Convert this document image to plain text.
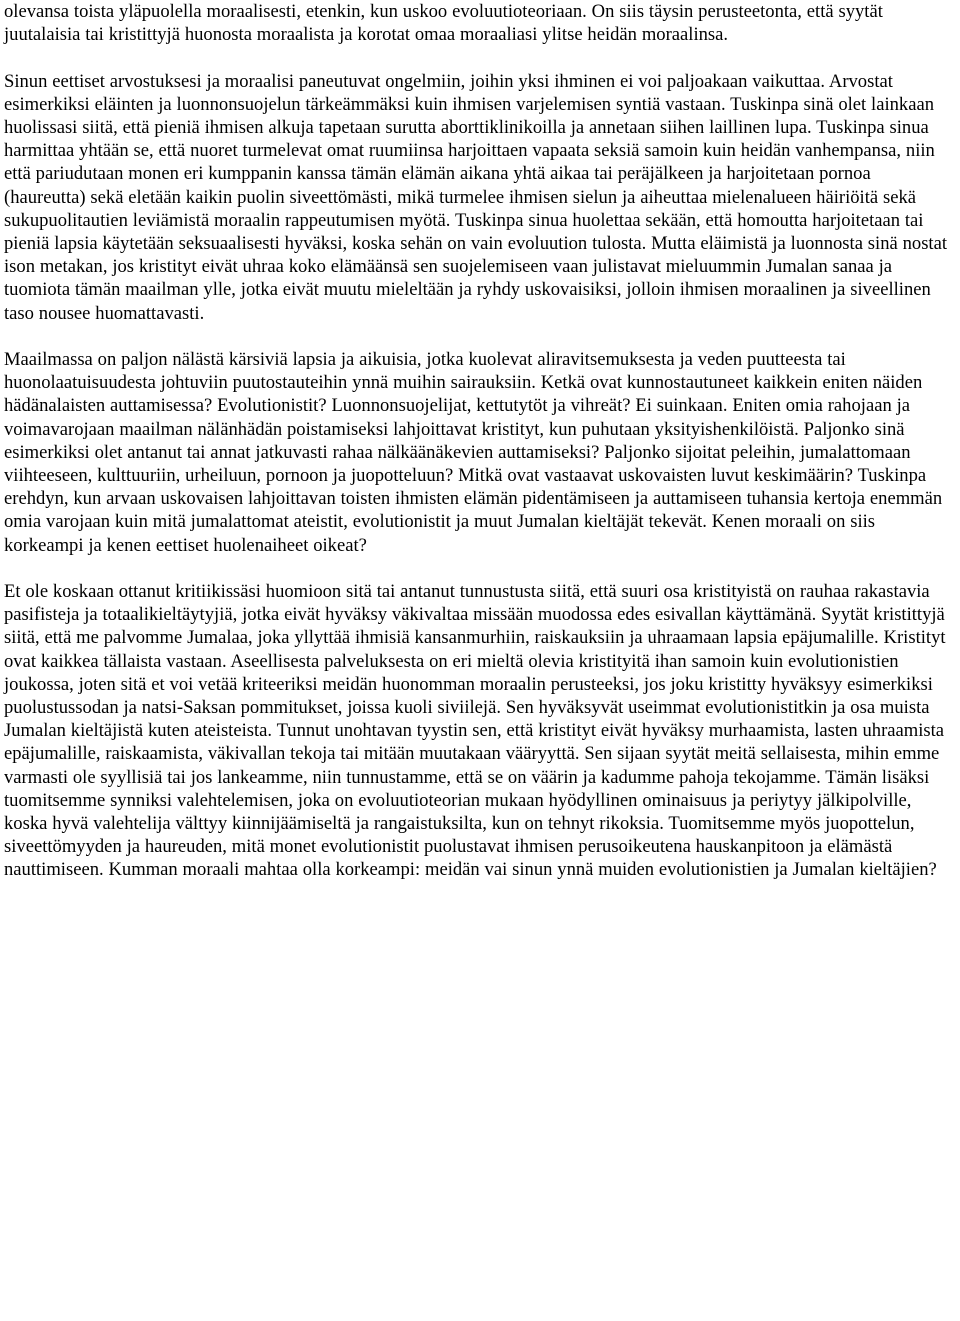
olevansa toista yläpuolella moraalisesti, etenkin, kun uskoo evoluutioteoriaan. On siis täysin perusteetonta, että syytät juutalaisia tai kristittyjä huonosta moraalista ja korotat omaa moraaliasi ylitse heidän moraalinsa.

Sinun eettiset arvostuksesi ja moraalisi paneutuvat ongelmiin, joihin yksi ihminen ei voi paljoakaan vaikuttaa. Arvostat esimerkiksi eläinten ja luonnonsuojelun tärkeämmäksi kuin ihmisen varjelemisen syntiä vastaan. Tuskinpa sinä olet lainkaan huolissasi siitä, että pieniä ihmisen alkuja tapetaan surutta aborttiklinikoilla ja annetaan siihen laillinen lupa. Tuskinpa sinua harmittaa yhtään se, että nuoret turmelevat omat ruumiinsa harjoittaen vapaata seksiä samoin kuin heidän vanhempansa, niin että pariudutaan monen eri kumppanin kanssa tämän elämän aikana yhtä aikaa tai peräjälkeen ja harjoitetaan pornoa (haureutta) sekä eletään kaikin puolin siveettömästi, mikä turmelee ihmisen sielun ja aiheuttaa mielenalueen häiriöitä sekä sukupuolitautien leviämistä moraalin rappeutumisen myötä. Tuskinpa sinua huolettaa sekään, että homoutta harjoitetaan tai pieniä lapsia käytetään seksuaalisesti hyväksi, koska sehän on vain evoluution tulosta. Mutta eläimistä ja luonnosta sinä nostat ison metakan, jos kristityt eivät uhraa koko elämäänsä sen suojelemiseen vaan julistavat mieluummin Jumalan sanaa ja tuomiota tämän maailman ylle, jotka eivät muutu mieleltään ja ryhdy uskovaisiksi, jolloin ihmisen moraalinen ja siveellinen taso nousee huomattavasti.

Maailmassa on paljon nälästä kärsiviä lapsia ja aikuisia, jotka kuolevat aliravitsemuksesta ja veden puutteesta tai huonolaatuisuudesta johtuviin puutostauteihin ynnä muihin sairauksiin. Ketkä ovat kunnostautuneet kaikkein eniten näiden hädänalaisten auttamisessa? Evolutionistit? Luonnonsuojelijat, kettutytöt ja vihreät? Ei suinkaan. Eniten omia rahojaan ja voimavarojaan maailman nälänhädän poistamiseksi lahjoittavat kristityt, kun puhutaan yksityishenkilöistä. Paljonko sinä esimerkiksi olet antanut tai annat jatkuvasti rahaa nälkäänäkevien auttamiseksi? Paljonko sijoitat peleihin, jumalattomaan viihteeseen, kulttuuriin, urheiluun, pornoon ja juopotteluun? Mitkä ovat vastaavat uskovaisten luvut keskimäärin? Tuskinpa erehdyn, kun arvaan uskovaisen lahjoittavan toisten ihmisten elämän pidentämiseen ja auttamiseen tuhansia kertoja enemmän omia varojaan kuin mitä jumalattomat ateistit, evolutionistit ja muut Jumalan kieltäjät tekevät. Kenen moraali on siis korkeampi ja kenen eettiset huolenaiheet oikeat?

Et ole koskaan ottanut kritiikissäsi huomioon sitä tai antanut tunnustusta siitä, että suuri osa kristityistä on rauhaa rakastavia pasifisteja ja totaalikieltäytyjiä, jotka eivät hyväksy väkivaltaa missään muodossa edes esivallan käyttämänä. Syytät kristittyjä siitä, että me palvomme Jumalaa, joka yllyttää ihmisiä kansanmurhiin, raiskauksiin ja uhraamaan lapsia epäjumalille. Kristityt ovat kaikkea tällaista vastaan. Aseellisesta palveluksesta on eri mieltä olevia kristityitä ihan samoin kuin evolutionistien joukossa, joten sitä et voi vetää kriteeriksi meidän huonomman moraalin perusteeksi, jos joku kristitty hyväksyy esimerkiksi puolustussodan ja natsi-Saksan pommitukset, joissa kuoli siviilejä. Sen hyväksyvät useimmat evolutionistitkin ja osa muista Jumalan kieltäjistä kuten ateisteista. Tunnut unohtavan tyystin sen, että kristityt eivät hyväksy murhaamista, lasten uhraamista epäjumalille, raiskaamista, väkivallan tekoja tai mitään muutakaan vääryyttä. Sen sijaan syytät meitä sellaisesta, mihin emme varmasti ole syyllisiä tai jos lankeamme, niin tunnustamme, että se on väärin ja kadumme pahoja tekojamme. Tämän lisäksi tuomitsemme synniksi valehtelemisen, joka on evoluutioteorian mukaan hyödyllinen ominaisuus ja periytyy jälkipolville, koska hyvä valehtelija välttyy kiinnijäämiseltä ja rangaistuksilta, kun on tehnyt rikoksia. Tuomitsemme myös juopottelun, siveettömyyden ja haureuden, mitä monet evolutionistit puolustavat ihmisen perusoikeutena hauskanpitoon ja elämästä nauttimiseen. Kumman moraali mahtaa olla korkeampi: meidän vai sinun ynnä muiden evolutionistien ja Jumalan kieltäjien?
